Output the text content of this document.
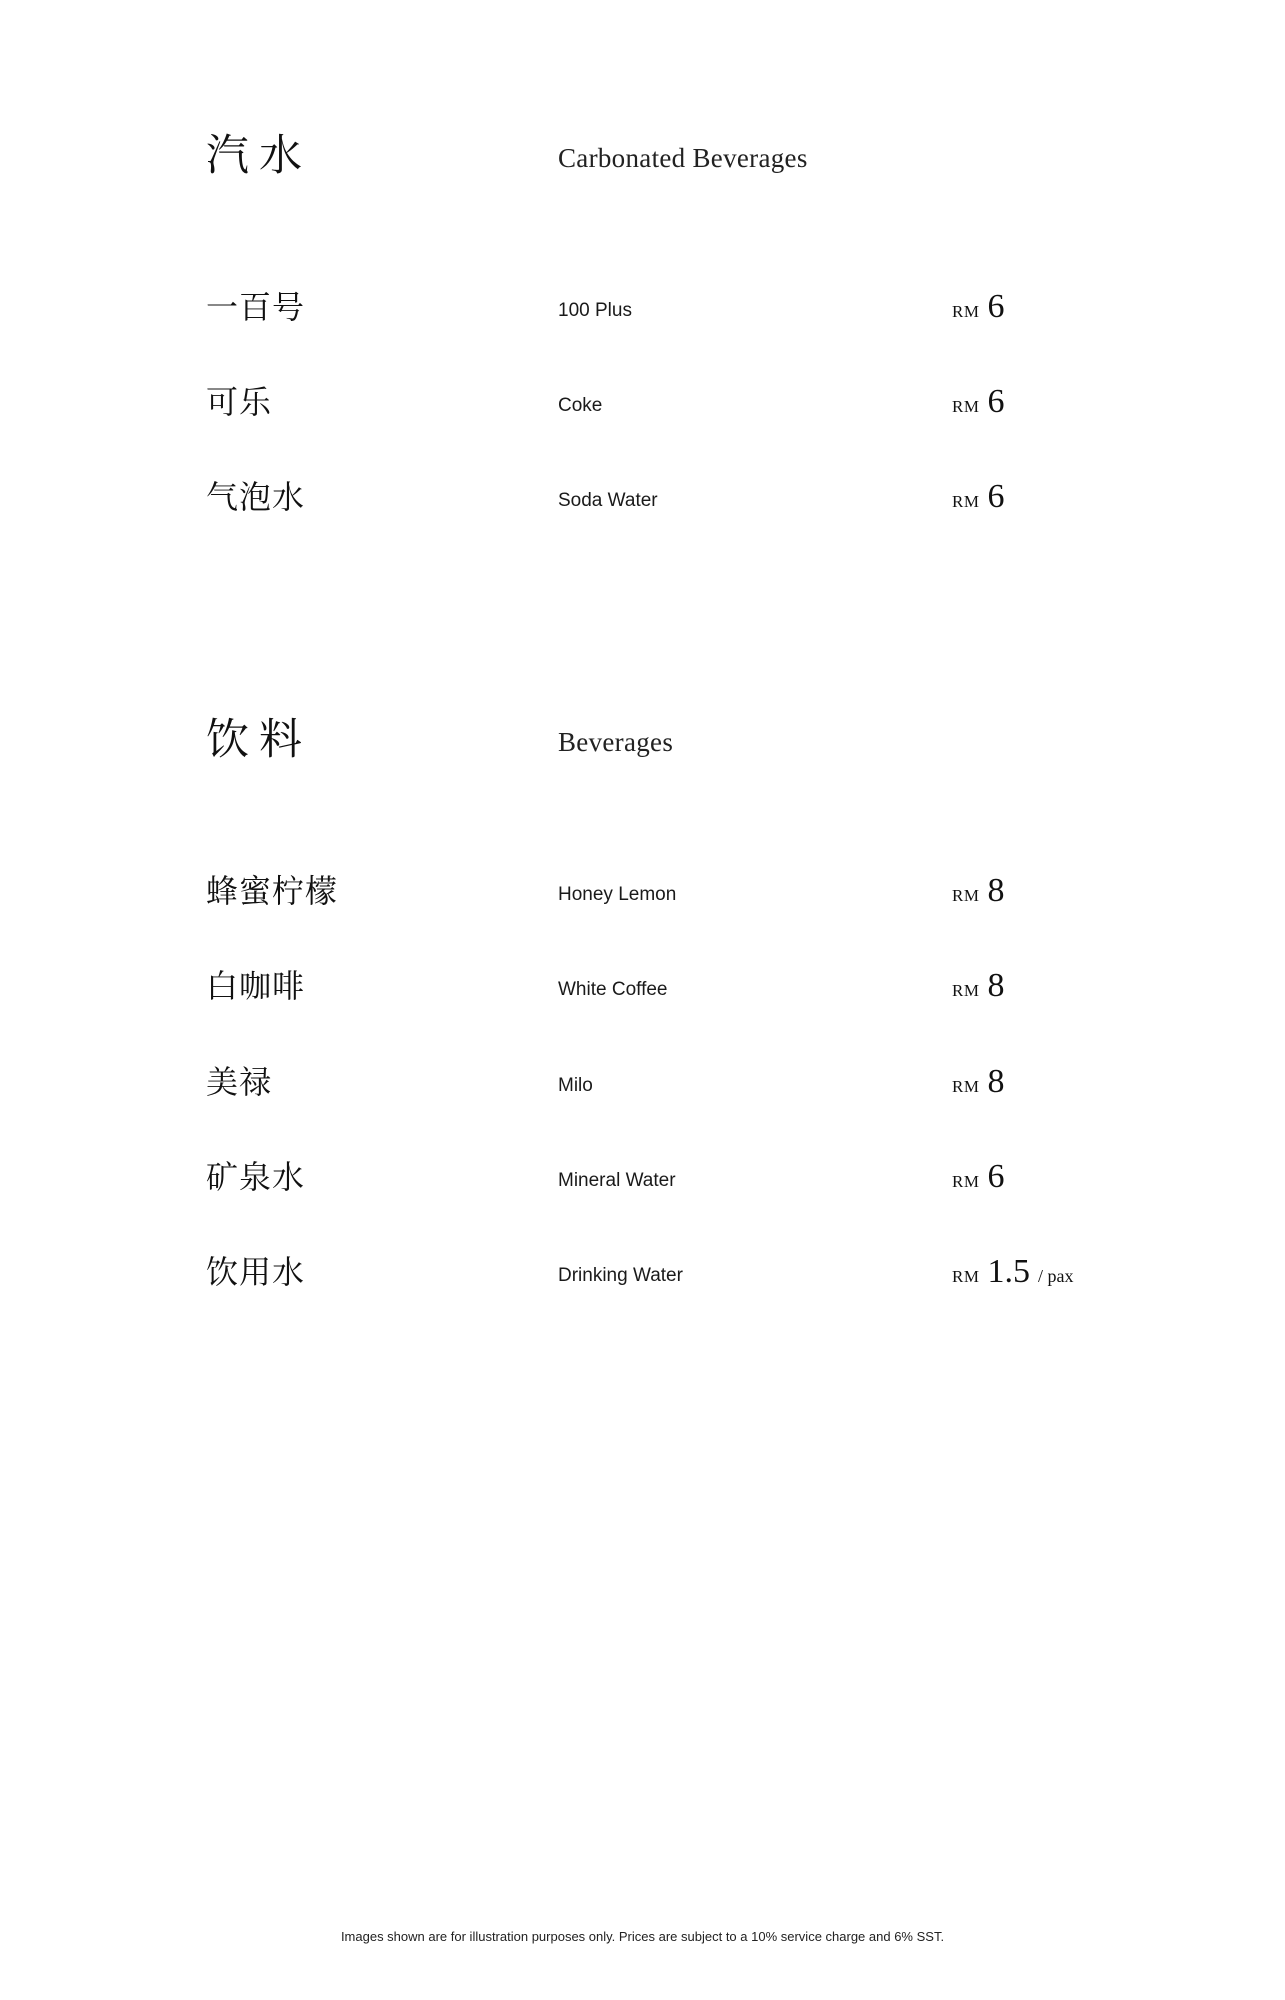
汽水	Carbonated Beverages
一百号	100 Plus	RM 6
可乐	Coke	RM 6
气泡水	Soda Water	RM 6
饮料	Beverages
蜂蜜柠檬	Honey Lemon	RM 8
白咖啡	White Coffee	RM 8
美禄	Milo	RM 8
矿泉水	Mineral Water	RM 6
饮用水	Drinking Water	RM 1.5 / pax
Images shown are for illustration purposes only. Prices are subject to a 10% service charge and 6% SST.
